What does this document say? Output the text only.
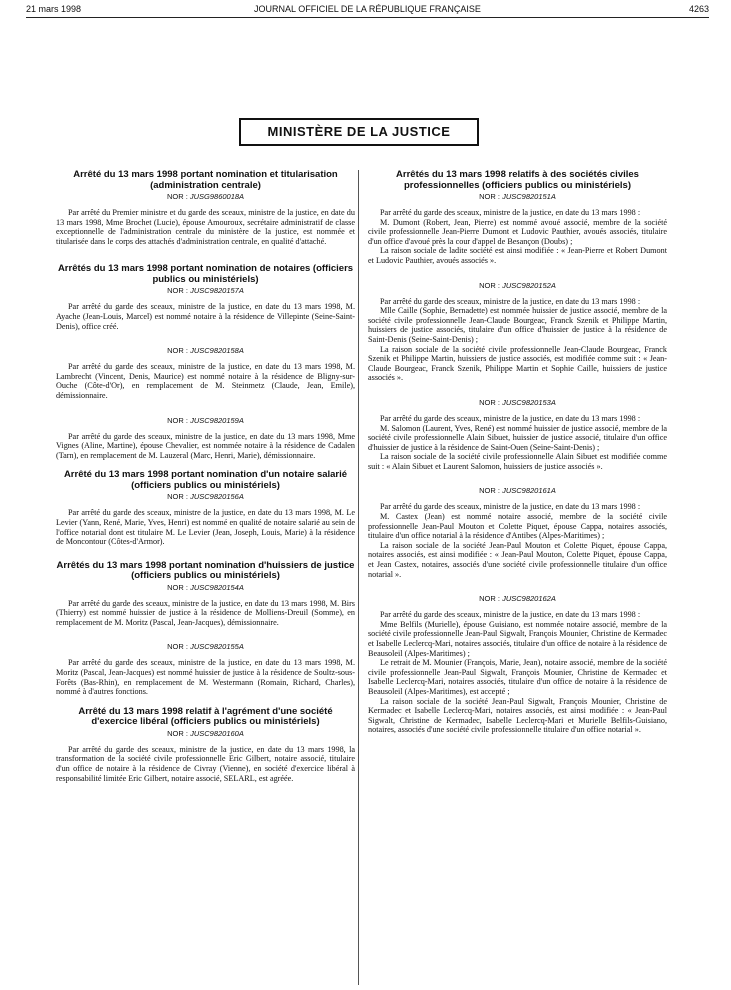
21 mars 1998	JOURNAL OFFICIEL DE LA RÉPUBLIQUE FRANÇAISE	4263
MINISTÈRE DE LA JUSTICE

Arrêté du 13 mars 1998 portant nomination et titularisation (administration centrale)

NOR : JUSG9860018A

Par arrêté du Premier ministre et du garde des sceaux, ministre de la justice, en date du 13 mars 1998, Mme Brochet (Lucie), épouse Amouroux, secrétaire administratif de classe exceptionnelle de l'administration centrale du ministère de la justice, est nommée et titularisée dans le corps des attachés d'administration centrale, en qualité d'attaché.

Arrêtés du 13 mars 1998 portant nomination de notaires (officiers publics ou ministériels)

NOR : JUSC9820157A

Par arrêté du garde des sceaux, ministre de la justice, en date du 13 mars 1998, M. Ayache (Jean-Louis, Marcel) est nommé notaire à la résidence de Villepinte (Seine-Saint-Denis), office créé.

NOR : JUSC9820158A

Par arrêté du garde des sceaux, ministre de la justice, en date du 13 mars 1998, M. Lambrecht (Vincent, Denis, Maurice) est nommé notaire à la résidence de Bligny-sur-Ouche (Côte-d'Or), en remplacement de M. Steinmetz (Claude, Jean, Emile), démissionnaire.

NOR : JUSC9820159A

Par arrêté du garde des sceaux, ministre de la justice, en date du 13 mars 1998, Mme Vignes (Aline, Martine), épouse Chevalier, est nommée notaire à la résidence de Cadalen (Tarn), en remplacement de M. Lauzeral (Marc, Henri, Marie), démissionnaire.

Arrêté du 13 mars 1998 portant nomination d'un notaire salarié (officiers publics ou ministériels)

NOR : JUSC9820156A

Par arrêté du garde des sceaux, ministre de la justice, en date du 13 mars 1998, M. Le Levier (Yann, René, Marie, Yves, Henri) est nommé en qualité de notaire salarié au sein de l'office notarial dont est titulaire M. Le Levier (Jean, Joseph, Louis, Marie) à la résidence de Moncontour (Côtes-d'Armor).

Arrêtés du 13 mars 1998 portant nomination d'huissiers de justice (officiers publics ou ministériels)

NOR : JUSC9820154A

Par arrêté du garde des sceaux, ministre de la justice, en date du 13 mars 1998, M. Birs (Thierry) est nommé huissier de justice à la résidence de Molliens-Dreuil (Somme), en remplacement de M. Moritz (Pascal, Jean-Jacques), démissionnaire.

NOR : JUSC9820155A

Par arrêté du garde des sceaux, ministre de la justice, en date du 13 mars 1998, M. Moritz (Pascal, Jean-Jacques) est nommé huissier de justice à la résidence de Soultz-sous-Forêts (Bas-Rhin), en remplacement de M. Westermann (Romain, Richard, Charles), nommé à d'autres fonctions.

Arrêté du 13 mars 1998 relatif à l'agrément d'une société d'exercice libéral (officiers publics ou ministériels)

NOR : JUSC9820160A

Par arrêté du garde des sceaux, ministre de la justice, en date du 13 mars 1998, la transformation de la société civile professionnelle Eric Gilbert, notaire associé, titulaire d'un office de notaire à la résidence de Civray (Vienne), en société d'exercice libéral à responsabilité limitée Eric Gilbert, notaire associé, SELARL, est agréée.

Arrêtés du 13 mars 1998 relatifs à des sociétés civiles professionnelles (officiers publics ou ministériels)

NOR : JUSC9820151A

Par arrêté du garde des sceaux, ministre de la justice, en date du 13 mars 1998 :

M. Dumont (Robert, Jean, Pierre) est nommé avoué associé, membre de la société civile professionnelle Jean-Pierre Dumont et Ludovic Pauthier, avoués associés, titulaire d'un office d'avoué près la cour d'appel de Besançon (Doubs) ;

La raison sociale de ladite société est ainsi modifiée : « Jean-Pierre et Robert Dumont et Ludovic Pauthier, avoués associés ».

NOR : JUSC9820152A

Par arrêté du garde des sceaux, ministre de la justice, en date du 13 mars 1998 :

Mlle Caille (Sophie, Bernadette) est nommée huissier de justice associé, membre de la société civile professionnelle Jean-Claude Bourgeac, Franck Szenik et Philippe Martin, huissiers de justice associés, titulaire d'un office d'huissier de justice à la résidence de Saint-Denis (Seine-Saint-Denis) ;

La raison sociale de la société civile professionnelle Jean-Claude Bourgeac, Franck Szenik et Philippe Martin, huissiers de justice associés, est modifiée comme suit : « Jean-Claude Bourgeac, Franck Szenik, Philippe Martin et Sophie Caille, huissiers de justice associés ».

NOR : JUSC9820153A

Par arrêté du garde des sceaux, ministre de la justice, en date du 13 mars 1998 :

M. Salomon (Laurent, Yves, René) est nommé huissier de justice associé, membre de la société civile professionnelle Alain Sibuet, huissier de justice associé, titulaire d'un office d'huissier de justice à la résidence de Saint-Ouen (Seine-Saint-Denis) ;

La raison sociale de la société civile professionnelle Alain Sibuet est modifiée comme suit : « Alain Sibuet et Laurent Salomon, huissiers de justice associés ».

NOR : JUSC9820161A

Par arrêté du garde des sceaux, ministre de la justice, en date du 13 mars 1998 :

M. Castex (Jean) est nommé notaire associé, membre de la société civile professionnelle Jean-Paul Mouton et Colette Piquet, épouse Cappa, notaires associés, titulaire d'un office notarial à la résidence d'Antibes (Alpes-Maritimes) ;

La raison sociale de la société Jean-Paul Mouton et Colette Piquet, épouse Cappa, notaires associés, est ainsi modifiée : « Jean-Paul Mouton, Colette Piquet, épouse Cappa, et Jean Castex, notaires, associés d'une société civile professionnelle titulaire d'un office notarial ».

NOR : JUSC9820162A

Par arrêté du garde des sceaux, ministre de la justice, en date du 13 mars 1998 :

Mme Belfils (Murielle), épouse Guisiano, est nommée notaire associé, membre de la société civile professionnelle Jean-Paul Sigwalt, François Mounier, Christine de Kermadec et Isabelle Leclercq-Mari, notaires associés, titulaire d'un office de notaire à la résidence de Beausoleil (Alpes-Maritimes) ;

Le retrait de M. Mounier (François, Marie, Jean), notaire associé, membre de la société civile professionnelle Jean-Paul Sigwalt, François Mounier, Christine de Kermadec et Isabelle Leclercq-Mari, notaires associés, titulaire d'un office de notaire à la résidence de Beausoleil (Alpes-Maritimes), est accepté ;

La raison sociale de la société Jean-Paul Sigwalt, François Mounier, Christine de Kermadec et Isabelle Leclercq-Mari, notaires associés, est ainsi modifiée : « Jean-Paul Sigwalt, Christine de Kermadec, Isabelle Leclercq-Mari et Murielle Belfils-Guisiano, notaires, associés d'une société civile professionnelle titulaire d'un office notarial ».
